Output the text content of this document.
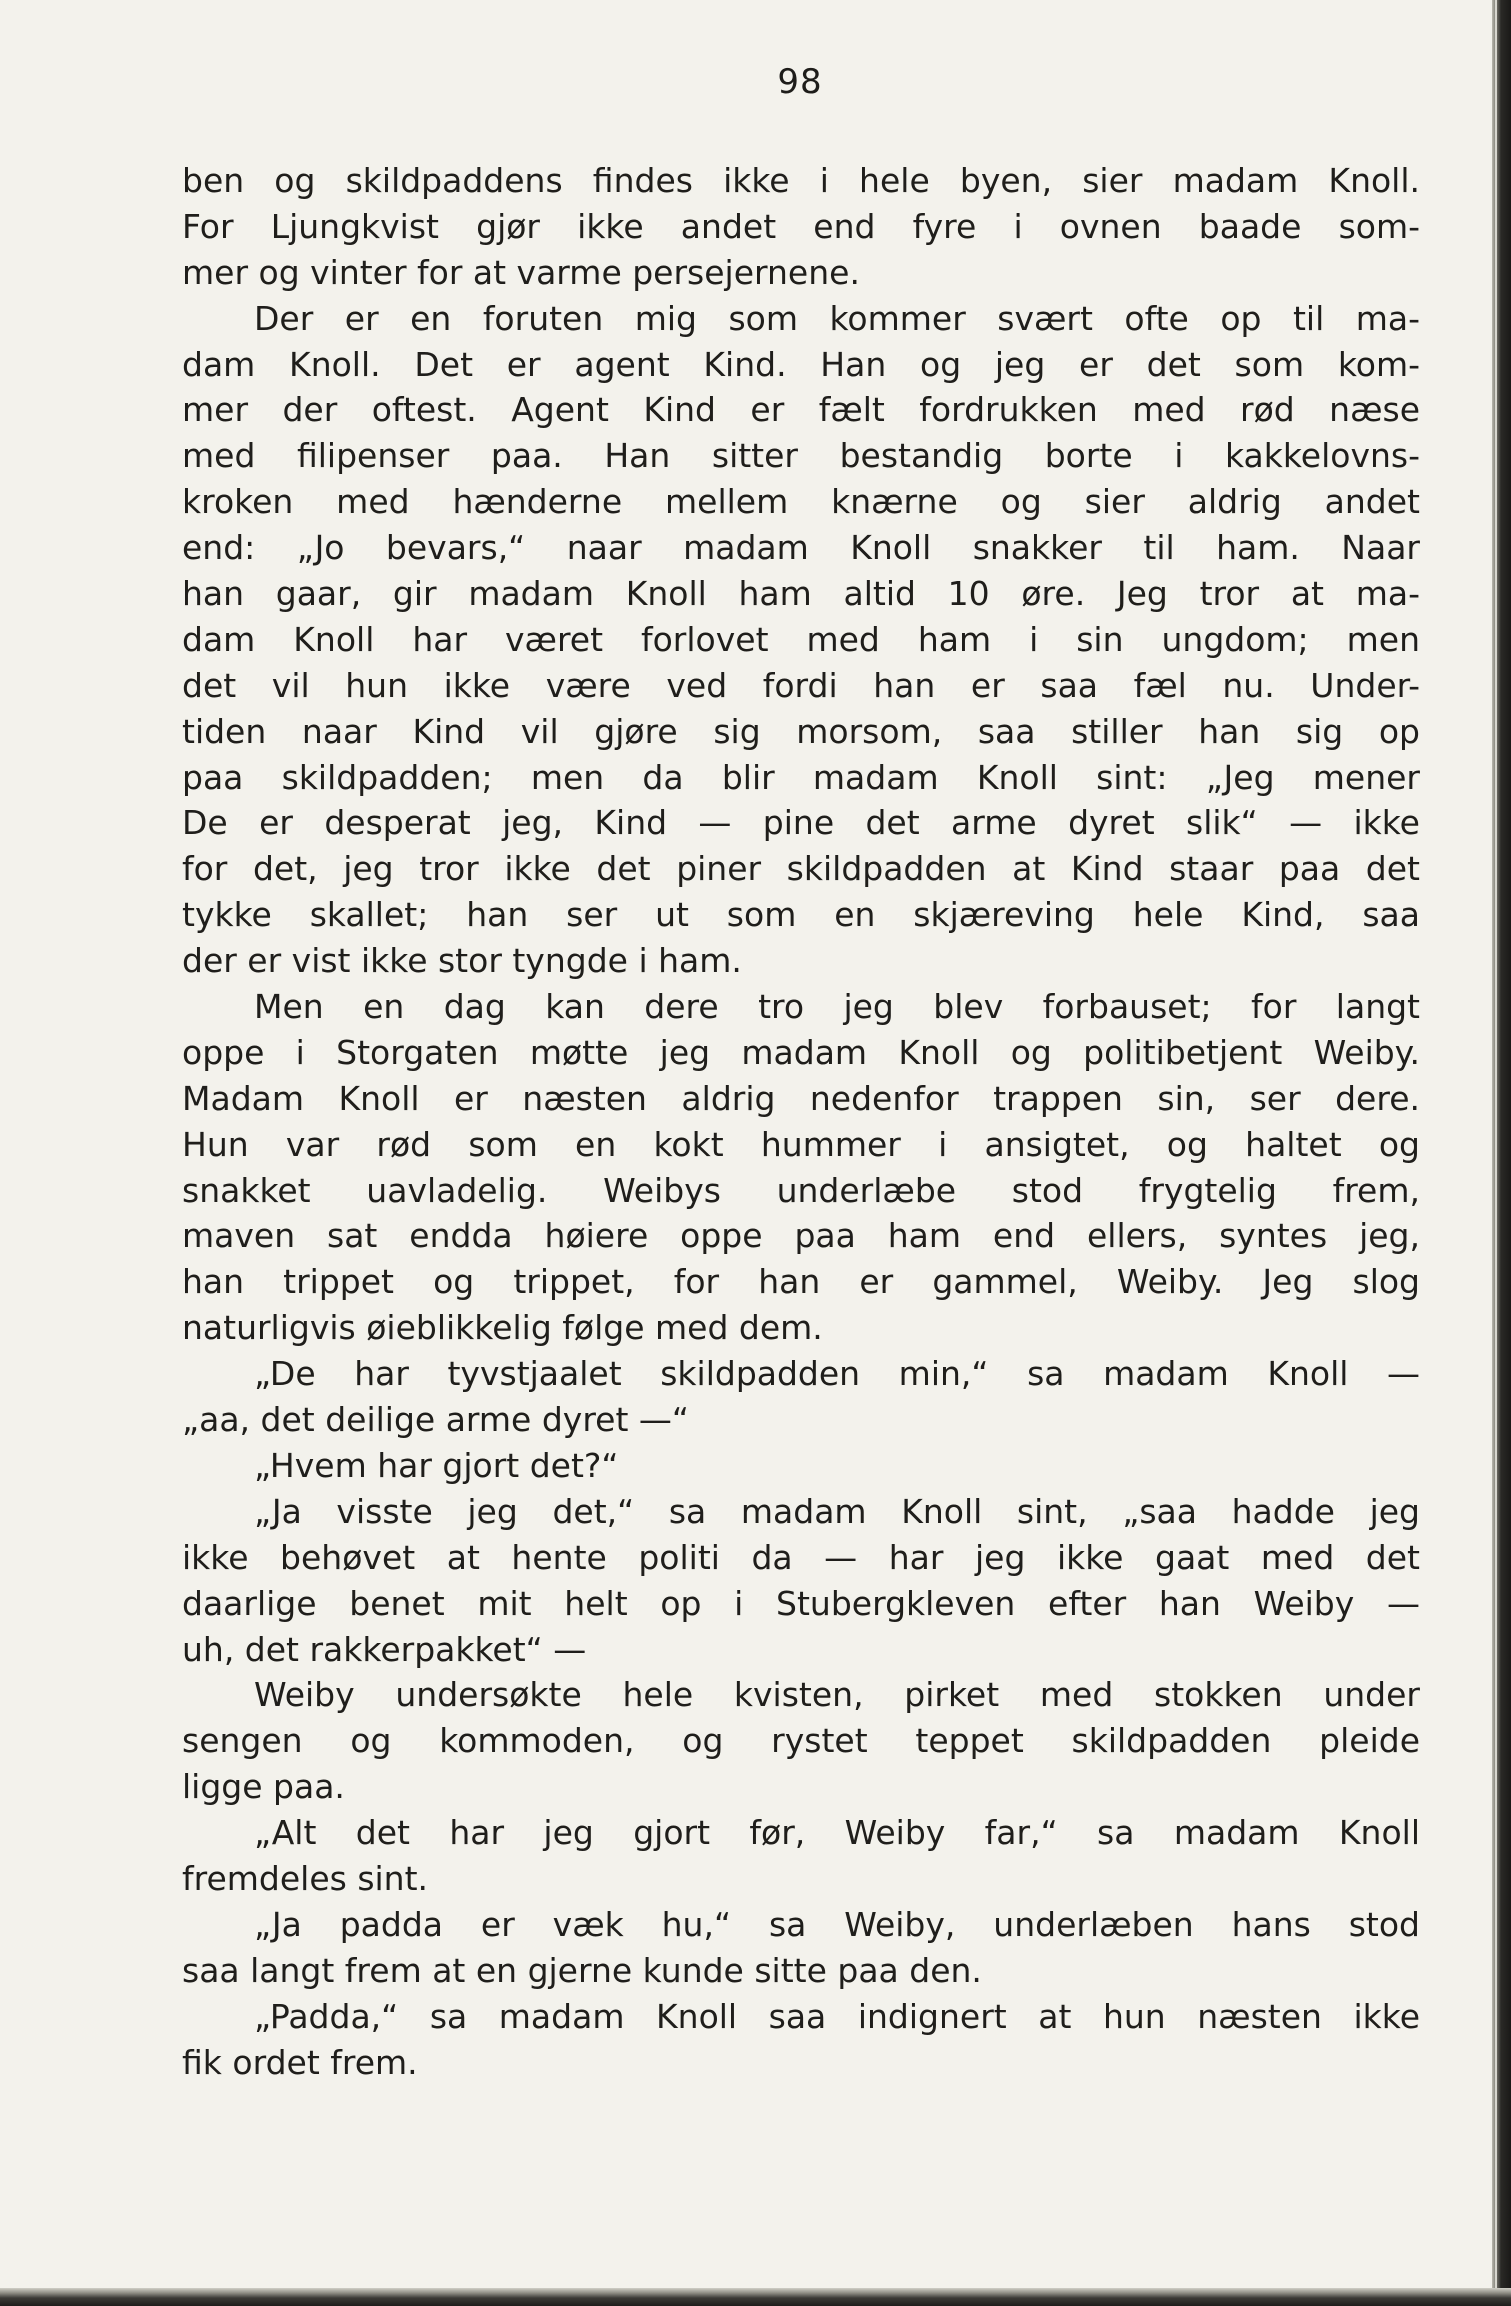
98
ben og skildpaddens findes ikke i hele byen, sier madam Knoll.
For Ljungkvist gjør ikke andet end fyre i ovnen baade som-
mer og vinter for at varme persejernene.
Der er en foruten mig som kommer svært ofte op til ma-
dam Knoll. Det er agent Kind. Han og jeg er det som kom-
mer der oftest. Agent Kind er fælt fordrukken med rød næse
med filipenser paa. Han sitter bestandig borte i kakkelovns-
kroken med hænderne mellem knærne og sier aldrig andet
end: „Jo bevars,“ naar madam Knoll snakker til ham. Naar
han gaar, gir madam Knoll ham altid 10 øre. Jeg tror at ma-
dam Knoll har været forlovet med ham i sin ungdom; men
det vil hun ikke være ved fordi han er saa fæl nu. Under-
tiden naar Kind vil gjøre sig morsom, saa stiller han sig op
paa skildpadden; men da blir madam Knoll sint: „Jeg mener
De er desperat jeg, Kind — pine det arme dyret slik“ — ikke
for det, jeg tror ikke det piner skildpadden at Kind staar paa det
tykke skallet; han ser ut som en skjæreving hele Kind, saa
der er vist ikke stor tyngde i ham.
Men en dag kan dere tro jeg blev forbauset; for langt
oppe i Storgaten møtte jeg madam Knoll og politibetjent Weiby.
Madam Knoll er næsten aldrig nedenfor trappen sin, ser dere.
Hun var rød som en kokt hummer i ansigtet, og haltet og
snakket uavladelig. Weibys underlæbe stod frygtelig frem,
maven sat endda høiere oppe paa ham end ellers, syntes jeg,
han trippet og trippet, for han er gammel, Weiby. Jeg slog
naturligvis øieblikkelig følge med dem.
„De har tyvstjaalet skildpadden min,“ sa madam Knoll —
„aa, det deilige arme dyret —“
„Hvem har gjort det?“
„Ja visste jeg det,“ sa madam Knoll sint, „saa hadde jeg
ikke behøvet at hente politi da — har jeg ikke gaat med det
daarlige benet mit helt op i Stubergkleven efter han Weiby —
uh, det rakkerpakket“ —
Weiby undersøkte hele kvisten, pirket med stokken under
sengen og kommoden, og rystet teppet skildpadden pleide
ligge paa.
„Alt det har jeg gjort før, Weiby far,“ sa madam Knoll
fremdeles sint.
„Ja padda er væk hu,“ sa Weiby, underlæben hans stod
saa langt frem at en gjerne kunde sitte paa den.
„Padda,“ sa madam Knoll saa indignert at hun næsten ikke
fik ordet frem.
